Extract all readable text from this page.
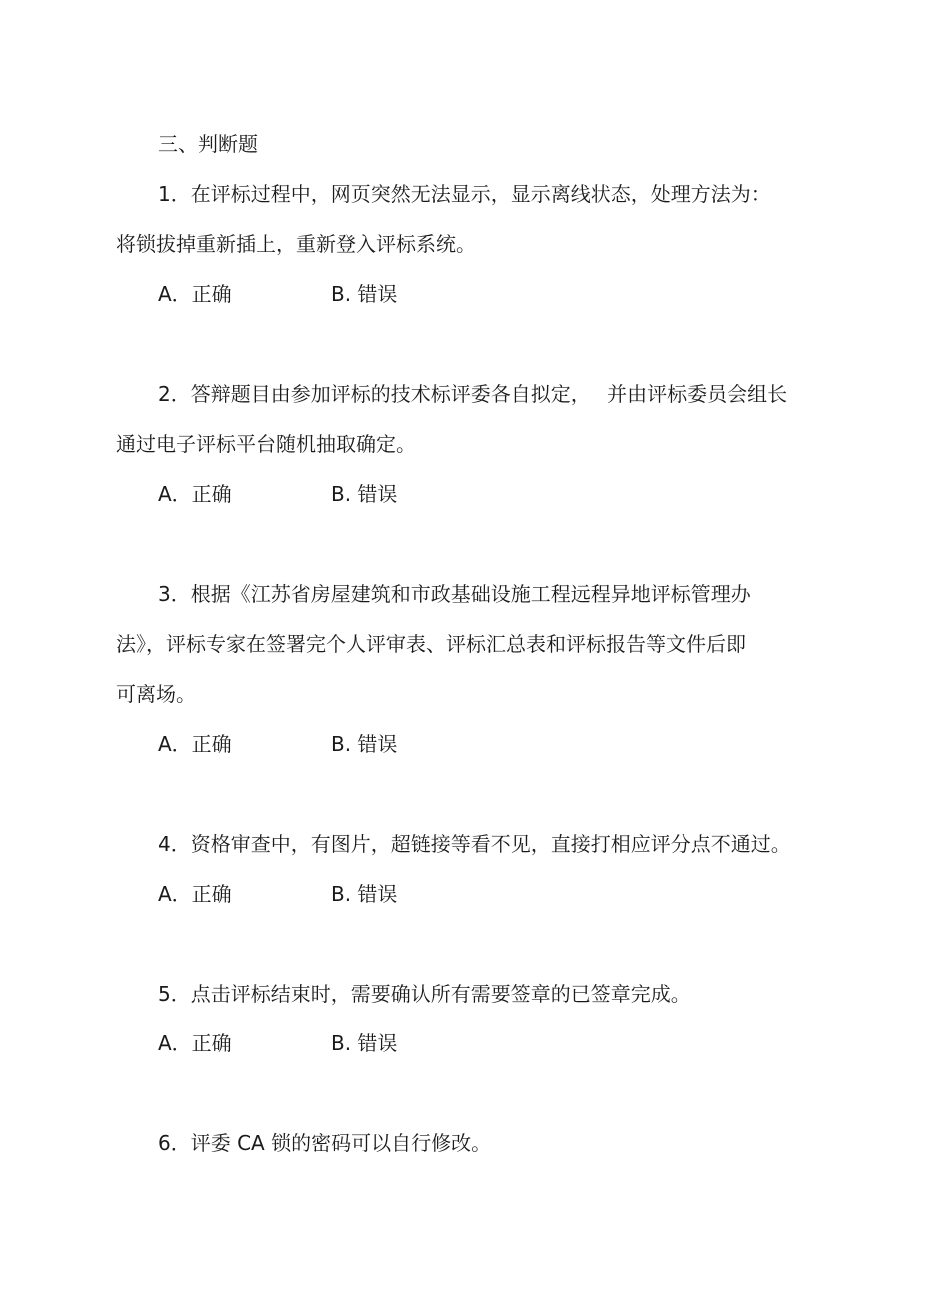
三、判断题
1．在评标过程中，网页突然无法显示，显示离线状态，处理方法为：
将锁拔掉重新插上，重新登入评标系统。
A．正确	B. 错误
2．答辩题目由参加评标的技术标评委各自拟定，　 并由评标委员会组长
通过电子评标平台随机抽取确定。
A．正确	B. 错误
3．根据《江苏省房屋建筑和市政基础设施工程远程异地评标管理办
法》，评标专家在签署完个人评审表、评标汇总表和评标报告等文件后即
可离场。
A．正确	B. 错误
4．资格审查中，有图片，超链接等看不见，直接打相应评分点不通过。
A．正确	B. 错误
5．点击评标结束时，需要确认所有需要签章的已签章完成。
A．正确	B. 错误
6．评委 CA 锁的密码可以自行修改。
